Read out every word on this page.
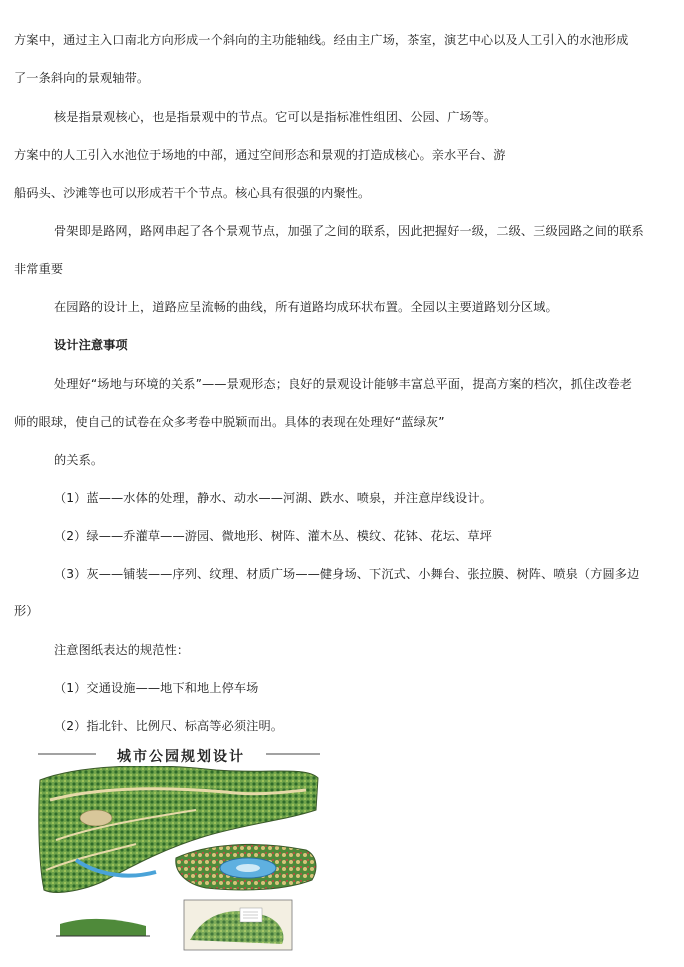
方案中，通过主入口南北方向形成一个斜向的主功能轴线。经由主广场，茶室，演艺中心以及人工引入的水池形成

了一条斜向的景观轴带。

核是指景观核心，也是指景观中的节点。它可以是指标准性组团、公园、广场等。

方案中的人工引入水池位于场地的中部，通过空间形态和景观的打造成核心。亲水平台、游

船码头、沙滩等也可以形成若干个节点。核心具有很强的内聚性。

骨架即是路网，路网串起了各个景观节点，加强了之间的联系，因此把握好一级，二级、三级园路之间的联系

非常重要

在园路的设计上，道路应呈流畅的曲线，所有道路均成环状布置。全园以主要道路划分区域。

设计注意事项

处理好“场地与环境的关系”——景观形态；良好的景观设计能够丰富总平面，提高方案的档次，抓住改卷老

师的眼球，使自己的试卷在众多考卷中脱颖而出。具体的表现在处理好“蓝绿灰”

的关系。

（1）蓝——水体的处理，静水、动水——河湖、跌水、喷泉，并注意岸线设计。

（2）绿——乔灌草——游园、微地形、树阵、灌木丛、模纹、花钵、花坛、草坪

（3）灰——铺装——序列、纹理、材质广场——健身场、下沉式、小舞台、张拉膜、树阵、喷泉（方圆多边

形）

注意图纸表达的规范性：

（1）交通设施——地下和地上停车场

（2）指北针、比例尺、标高等必须注明。

城市公园规划设计
